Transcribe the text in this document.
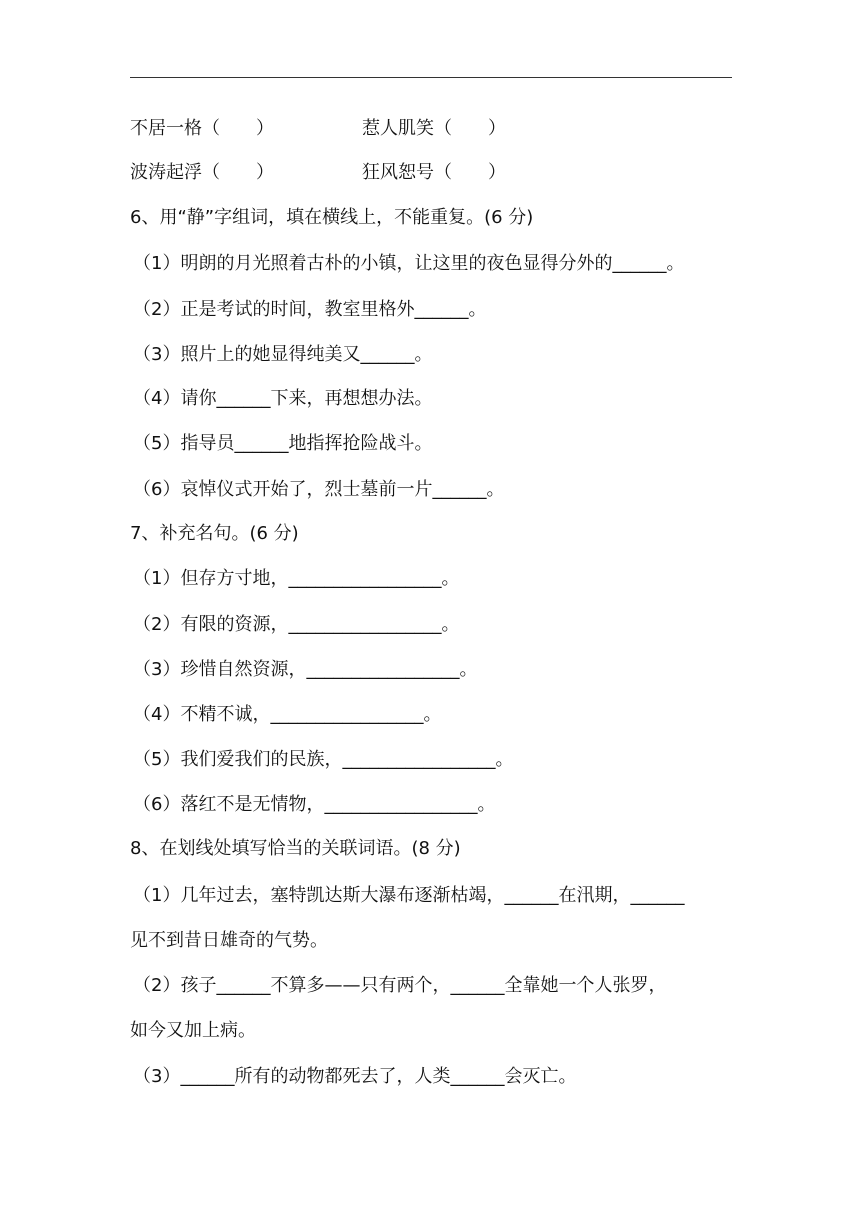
不居一格（　　）	惹人肌笑（　　）
波涛起浮（　　）	狂风恕号（　　）
6、用“静”字组词，填在横线上，不能重复。(6 分)
（1）明朗的月光照着古朴的小镇，让这里的夜色显得分外的______。
（2）正是考试的时间，教室里格外______。
（3）照片上的她显得纯美又______。
（4）请你______下来，再想想办法。
（5）指导员______地指挥抢险战斗。
（6）哀悼仪式开始了，烈士墓前一片______。
7、补充名句。(6 分)
（1）但存方寸地，_________________。
（2）有限的资源，_________________。
（3）珍惜自然资源，_________________。
（4）不精不诚，_________________。
（5）我们爱我们的民族，_________________。
（6）落红不是无情物，_________________。
8、在划线处填写恰当的关联词语。(8 分)
（1）几年过去，塞特凯达斯大瀑布逐渐枯竭，______在汛期，______
见不到昔日雄奇的气势。
（2）孩子______不算多——只有两个，______全靠她一个人张罗，
如今又加上病。
（3）______所有的动物都死去了，人类______会灭亡。
